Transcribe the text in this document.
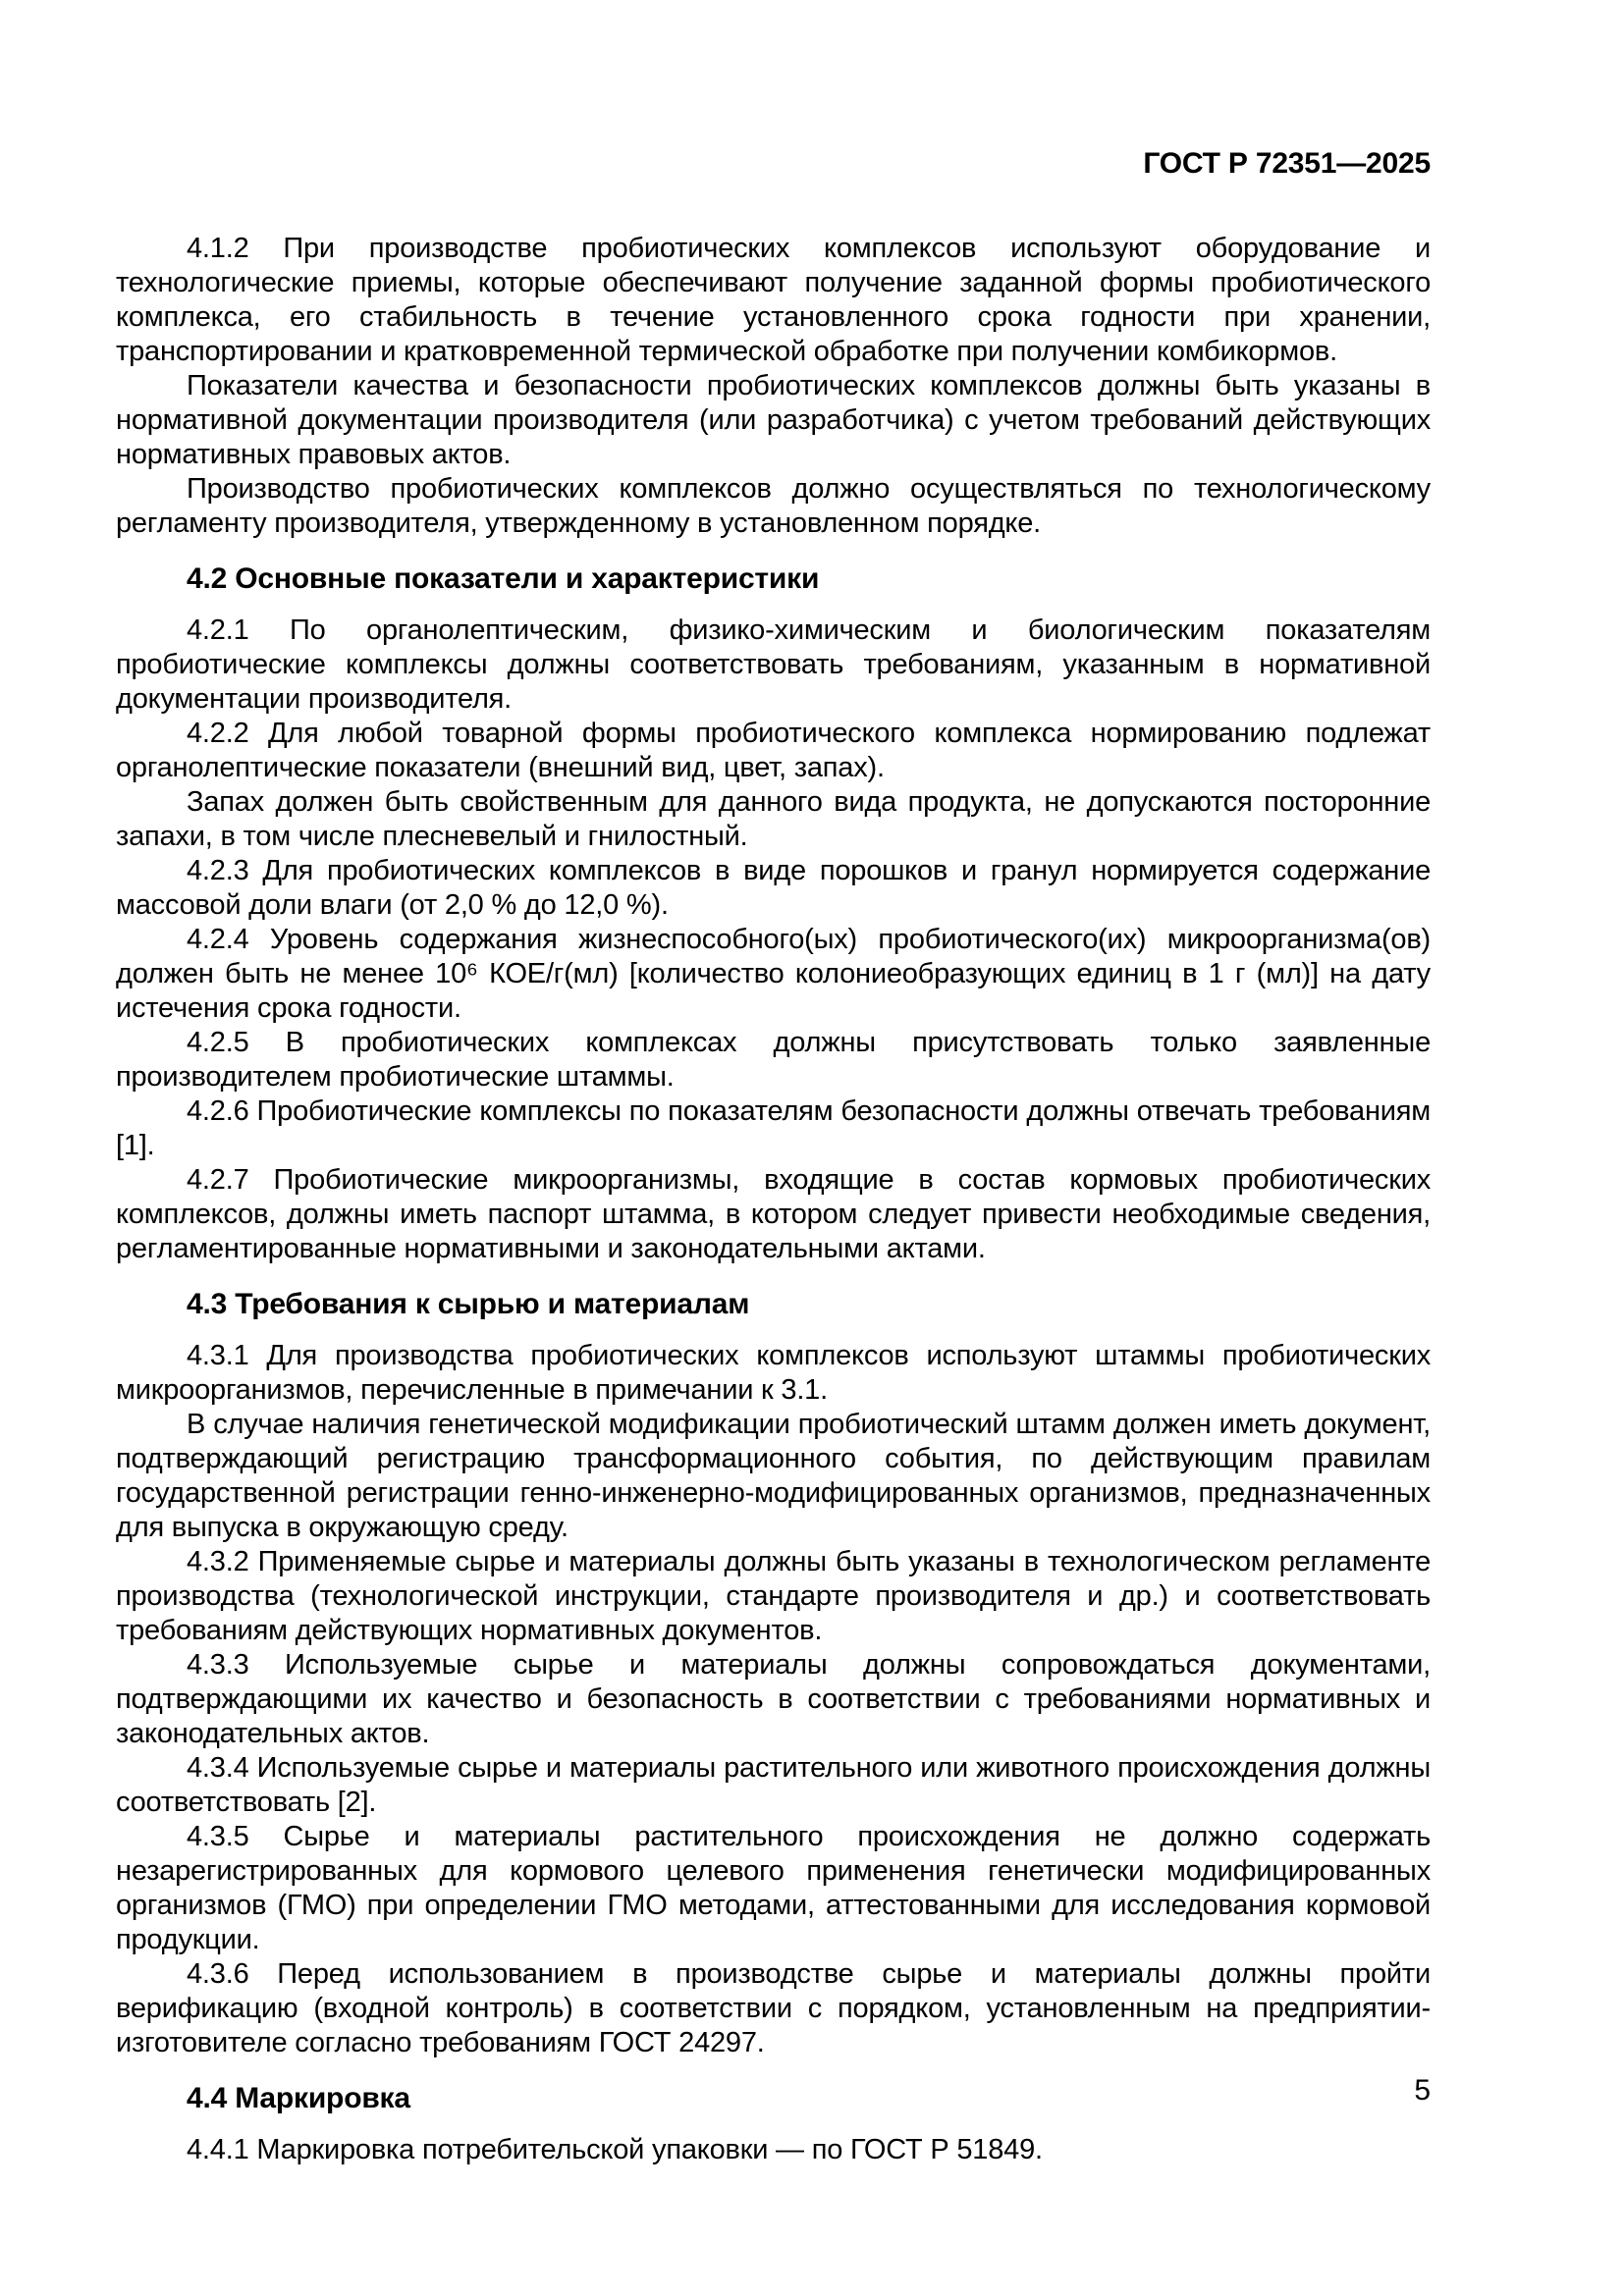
ГОСТ Р 72351—2025

4.1.2 При производстве пробиотических комплексов используют оборудование и технологические приемы, которые обеспечивают получение заданной формы пробиотического комплекса, его стабильность в течение установленного срока годности при хранении, транспортировании и кратковременной термической обработке при получении комбикормов.

Показатели качества и безопасности пробиотических комплексов должны быть указаны в нормативной документации производителя (или разработчика) с учетом требований действующих нормативных правовых актов.

Производство пробиотических комплексов должно осуществляться по технологическому регламенту производителя, утвержденному в установленном порядке.

4.2 Основные показатели и характеристики

4.2.1 По органолептическим, физико-химическим и биологическим показателям пробиотические комплексы должны соответствовать требованиям, указанным в нормативной документации производителя.

4.2.2 Для любой товарной формы пробиотического комплекса нормированию подлежат органолептические показатели (внешний вид, цвет, запах).

Запах должен быть свойственным для данного вида продукта, не допускаются посторонние запахи, в том числе плесневелый и гнилостный.

4.2.3 Для пробиотических комплексов в виде порошков и гранул нормируется содержание массовой доли влаги (от 2,0 % до 12,0 %).

4.2.4 Уровень содержания жизнеспособного(ых) пробиотического(их) микроорганизма(ов) должен быть не менее 10⁶ КОЕ/г(мл) [количество колониеобразующих единиц в 1 г (мл)] на дату истечения срока годности.

4.2.5 В пробиотических комплексах должны присутствовать только заявленные производителем пробиотические штаммы.

4.2.6 Пробиотические комплексы по показателям безопасности должны отвечать требованиям [1].

4.2.7 Пробиотические микроорганизмы, входящие в состав кормовых пробиотических комплексов, должны иметь паспорт штамма, в котором следует привести необходимые сведения, регламентированные нормативными и законодательными актами.

4.3 Требования к сырью и материалам

4.3.1 Для производства пробиотических комплексов используют штаммы пробиотических микроорганизмов, перечисленные в примечании к 3.1.

В случае наличия генетической модификации пробиотический штамм должен иметь документ, подтверждающий регистрацию трансформационного события, по действующим правилам государственной регистрации генно-инженерно-модифицированных организмов, предназначенных для выпуска в окружающую среду.

4.3.2 Применяемые сырье и материалы должны быть указаны в технологическом регламенте производства (технологической инструкции, стандарте производителя и др.) и соответствовать требованиям действующих нормативных документов.

4.3.3 Используемые сырье и материалы должны сопровождаться документами, подтверждающими их качество и безопасность в соответствии с требованиями нормативных и законодательных актов.

4.3.4 Используемые сырье и материалы растительного или животного происхождения должны соответствовать [2].

4.3.5 Сырье и материалы растительного происхождения не должно содержать незарегистрированных для кормового целевого применения генетически модифицированных организмов (ГМО) при определении ГМО методами, аттестованными для исследования кормовой продукции.

4.3.6 Перед использованием в производстве сырье и материалы должны пройти верификацию (входной контроль) в соответствии с порядком, установленным на предприятии-изготовителе согласно требованиям ГОСТ 24297.

4.4 Маркировка

4.4.1 Маркировка потребительской упаковки — по ГОСТ Р 51849.

5
